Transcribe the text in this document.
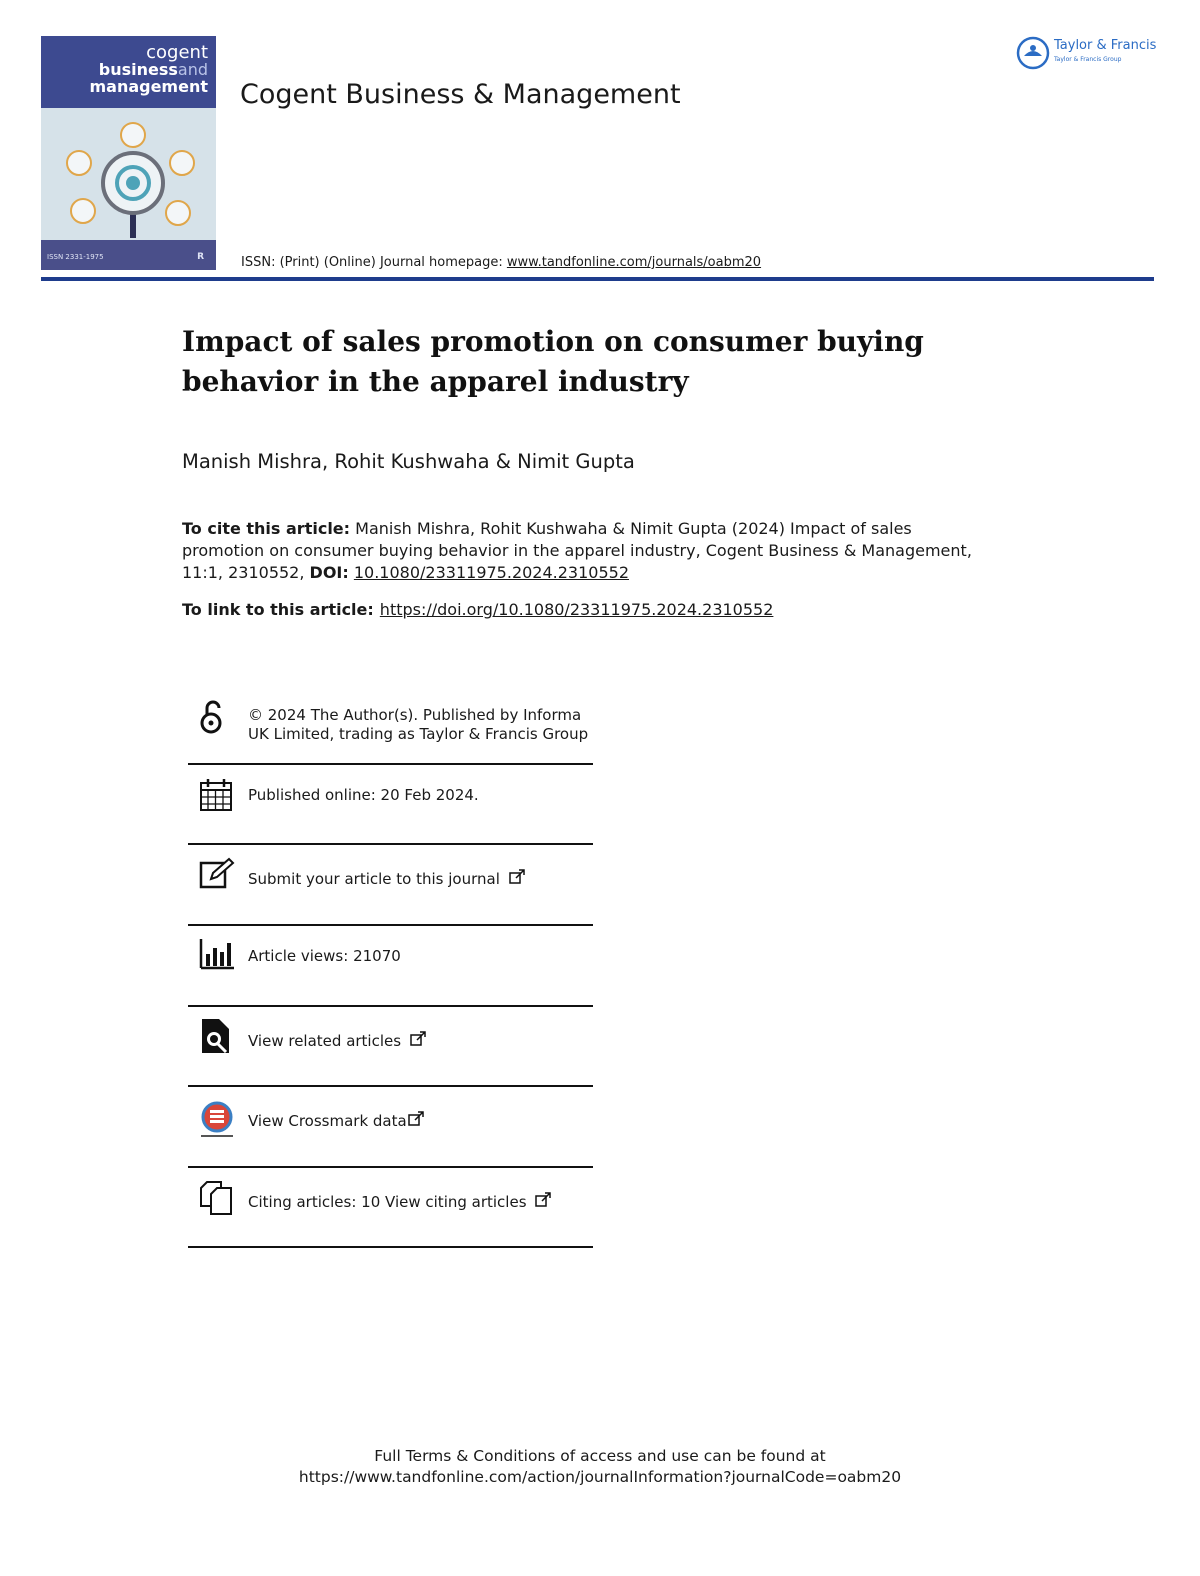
cogent
businessand
management
ISSN 2331-1975	R
Cogent Business & Management
Taylor & Francis
Taylor & Francis Group
ISSN: (Print) (Online) Journal homepage: www.tandfonline.com/journals/oabm20
Impact of sales promotion on consumer buying behavior in the apparel industry
Manish Mishra, Rohit Kushwaha & Nimit Gupta
To cite this article: Manish Mishra, Rohit Kushwaha & Nimit Gupta (2024) Impact of sales promotion on consumer buying behavior in the apparel industry, Cogent Business & Management, 11:1, 2310552, DOI: 10.1080/23311975.2024.2310552
To link to this article: https://doi.org/10.1080/23311975.2024.2310552
© 2024 The Author(s). Published by Informa UK Limited, trading as Taylor & Francis Group
Published online: 20 Feb 2024.
Submit your article to this journal
Article views: 21070
View related articles
View Crossmark data
Citing articles: 10 View citing articles
Full Terms & Conditions of access and use can be found at
https://www.tandfonline.com/action/journalInformation?journalCode=oabm20
